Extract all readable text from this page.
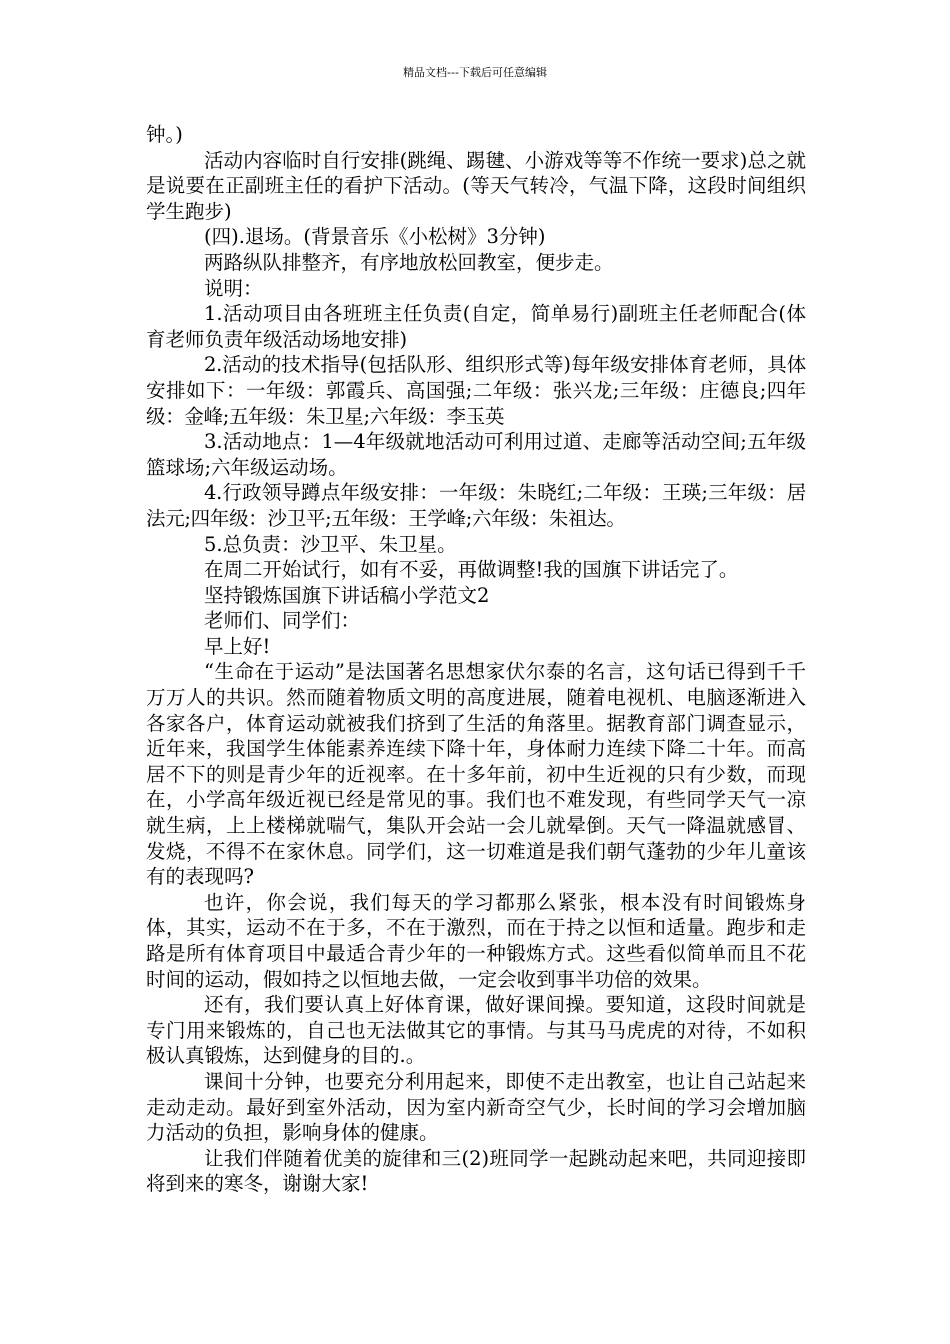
精品文档---下载后可任意编辑

钟。)

活动内容临时自行安排(跳绳、踢毽、小游戏等等不作统一要求)总之就是说要在正副班主任的看护下活动。(等天气转冷，气温下降，这段时间组织学生跑步)

(四).退场。(背景音乐《小松树》3分钟)

两路纵队排整齐，有序地放松回教室，便步走。

说明：

1.活动项目由各班班主任负责(自定，简单易行)副班主任老师配合(体育老师负责年级活动场地安排)

2.活动的技术指导(包括队形、组织形式等)每年级安排体育老师，具体安排如下：一年级：郭霞兵、高国强;二年级：张兴龙;三年级：庄德良;四年级：金峰;五年级：朱卫星;六年级：李玉英

3.活动地点：1—4年级就地活动可利用过道、走廊等活动空间;五年级篮球场;六年级运动场。

4.行政领导蹲点年级安排：一年级：朱晓红;二年级：王瑛;三年级：居法元;四年级：沙卫平;五年级：王学峰;六年级：朱祖达。

5.总负责：沙卫平、朱卫星。

在周二开始试行，如有不妥，再做调整!我的国旗下讲话完了。

坚持锻炼国旗下讲话稿小学范文2

老师们、同学们：

早上好!

“生命在于运动”是法国著名思想家伏尔泰的名言，这句话已得到千千万万人的共识。然而随着物质文明的高度进展，随着电视机、电脑逐渐进入各家各户，体育运动就被我们挤到了生活的角落里。据教育部门调查显示，近年来，我国学生体能素养连续下降十年，身体耐力连续下降二十年。而高居不下的则是青少年的近视率。在十多年前，初中生近视的只有少数，而现在，小学高年级近视已经是常见的事。我们也不难发现，有些同学天气一凉就生病，上上楼梯就喘气，集队开会站一会儿就晕倒。天气一降温就感冒、发烧，不得不在家休息。同学们，这一切难道是我们朝气蓬勃的少年儿童该有的表现吗?

也许，你会说，我们每天的学习都那么紧张，根本没有时间锻炼身体，其实，运动不在于多，不在于激烈，而在于持之以恒和适量。跑步和走路是所有体育项目中最适合青少年的一种锻炼方式。这些看似简单而且不花时间的运动，假如持之以恒地去做，一定会收到事半功倍的效果。

还有，我们要认真上好体育课，做好课间操。要知道，这段时间就是专门用来锻炼的，自己也无法做其它的事情。与其马马虎虎的对待，不如积极认真锻炼，达到健身的目的.。

课间十分钟，也要充分利用起来，即使不走出教室，也让自己站起来走动走动。最好到室外活动，因为室内新奇空气少，长时间的学习会增加脑力活动的负担，影响身体的健康。

让我们伴随着优美的旋律和三(2)班同学一起跳动起来吧，共同迎接即将到来的寒冬，谢谢大家!
